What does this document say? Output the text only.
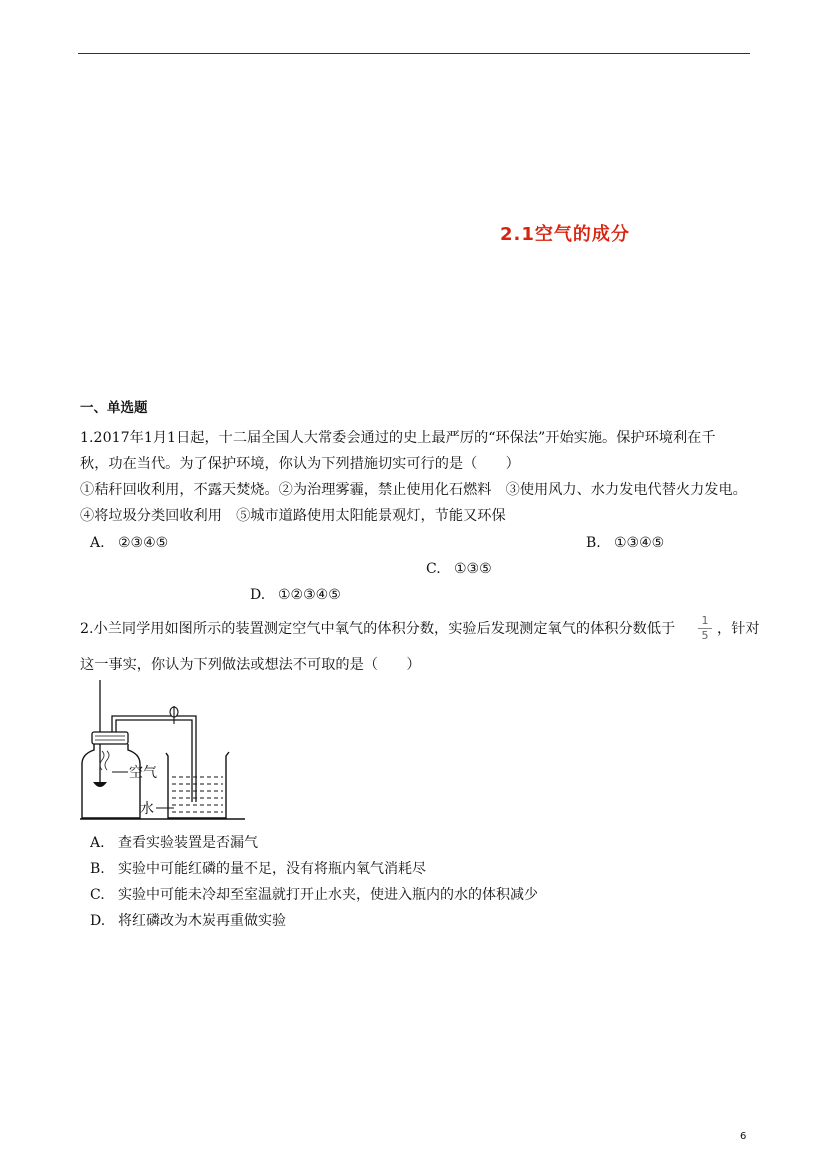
2.1空气的成分
一、单选题
1.2017年1月1日起，十二届全国人大常委会通过的史上最严厉的“环保法”开始实施。保护环境利在千
秋，功在当代。为了保护环境，你认为下列措施切实可行的是（　　）
①秸秆回收利用，不露天焚烧。②为治理雾霾，禁止使用化石燃料　③使用风力、水力发电代替火力发电。
④将垃圾分类回收利用　⑤城市道路使用太阳能景观灯，节能又环保
A. ②③④⑤	B. ①③④⑤
C. ①③⑤
D. ①②③④⑤
2.小兰同学用如图所示的装置测定空气中氧气的体积分数，实验后发现测定氧气的体积分数低于
1
5 ，针对
这一事实，你认为下列做法或想法不可取的是（　　）
空气
水
A. 查看实验装置是否漏气
B. 实验中可能红磷的量不足，没有将瓶内氧气消耗尽
C. 实验中可能未冷却至室温就打开止水夹，使进入瓶内的水的体积减少
D. 将红磷改为木炭再重做实验
6
